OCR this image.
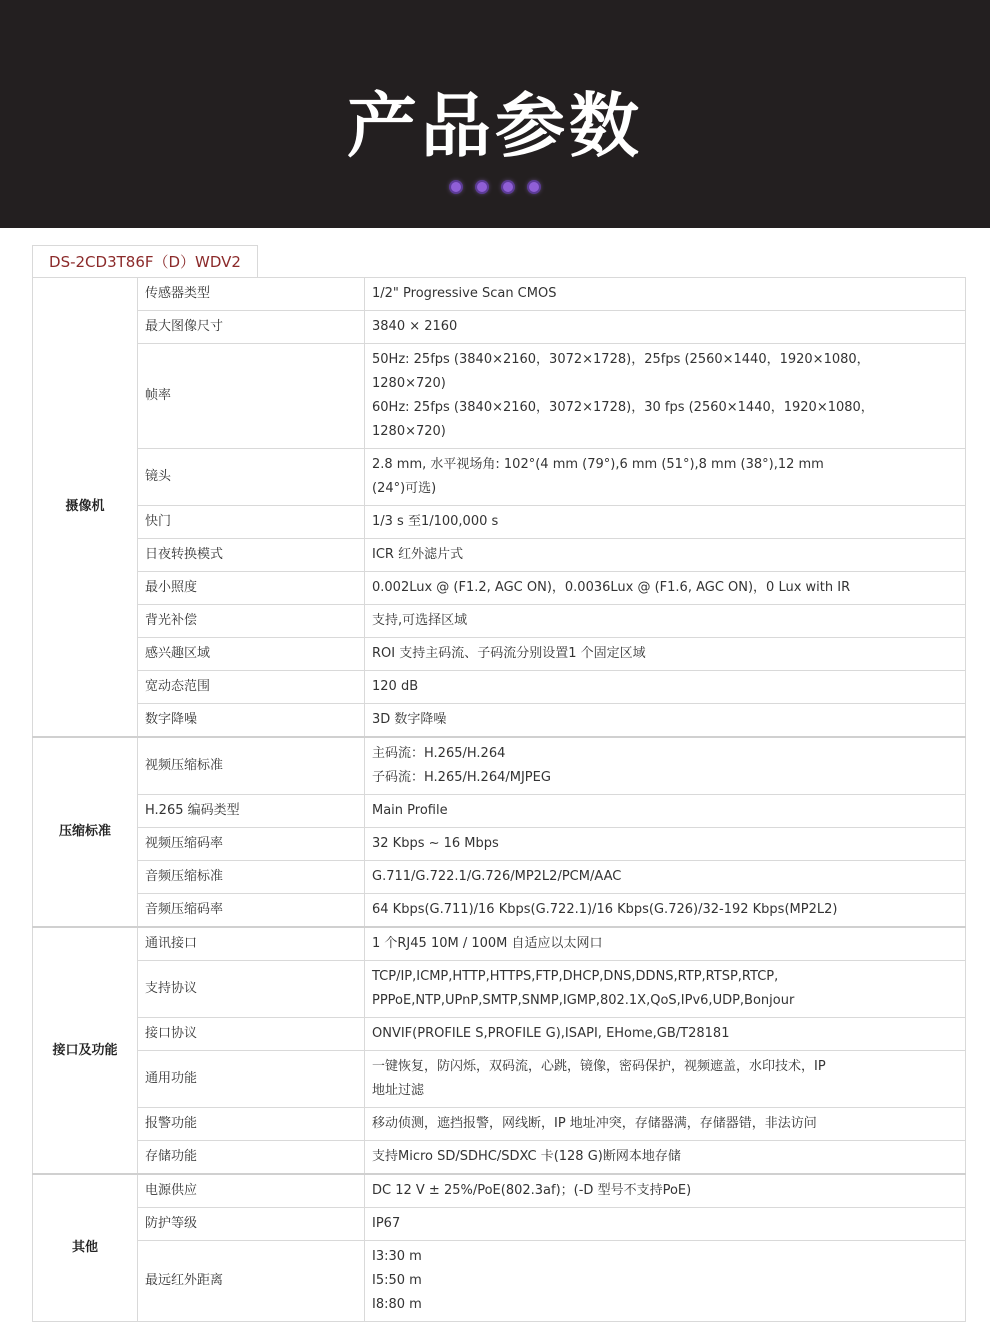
产品参数

DS-2CD3T86F（D）WDV2
摄像机	传感器类型	1/2" Progressive Scan CMOS

	最大图像尺寸	3840 × 2160

	帧率	50Hz: 25fps (3840×2160，3072×1728)，25fps (2560×1440，1920×1080，
1280×720)
60Hz: 25fps (3840×2160，3072×1728)，30 fps (2560×1440，1920×1080，
1280×720)

	镜头	2.8 mm, 水平视场角: 102°(4 mm (79°),6 mm (51°),8 mm (38°),12 mm
(24°)可选)

	快门	1/3 s 至1/100,000 s

	日夜转换模式	ICR 红外滤片式

	最小照度	0.002Lux @ (F1.2, AGC ON)，0.0036Lux @ (F1.6, AGC ON)，0 Lux with IR

	背光补偿	支持,可选择区域

	感兴趣区域	ROI 支持主码流、子码流分别设置1 个固定区域

	宽动态范围	120 dB

	数字降噪	3D 数字降噪

压缩标准	视频压缩标准	主码流：H.265/H.264
子码流：H.265/H.264/MJPEG

	H.265 编码类型	Main Profile

	视频压缩码率	32 Kbps ~ 16 Mbps

	音频压缩标准	G.711/G.722.1/G.726/MP2L2/PCM/AAC

	音频压缩码率	64 Kbps(G.711)/16 Kbps(G.722.1)/16 Kbps(G.726)/32-192 Kbps(MP2L2)

接口及功能	通讯接口	1 个RJ45 10M / 100M 自适应以太网口

	支持协议	TCP/IP,ICMP,HTTP,HTTPS,FTP,DHCP,DNS,DDNS,RTP,RTSP,RTCP,
PPPoE,NTP,UPnP,SMTP,SNMP,IGMP,802.1X,QoS,IPv6,UDP,Bonjour

	接口协议	ONVIF(PROFILE S,PROFILE G),ISAPI, EHome,GB/T28181

	通用功能	一键恢复，防闪烁，双码流，心跳，镜像，密码保护，视频遮盖，水印技术，IP
地址过滤

	报警功能	移动侦测，遮挡报警，网线断，IP 地址冲突，存储器满，存储器错，非法访问

	存储功能	支持Micro SD/SDHC/SDXC 卡(128 G)断网本地存储

其他	电源供应	DC 12 V ± 25%/PoE(802.3af)；(-D 型号不支持PoE)

	防护等级	IP67

	最远红外距离	I3:30 m
I5:50 m
I8:80 m
